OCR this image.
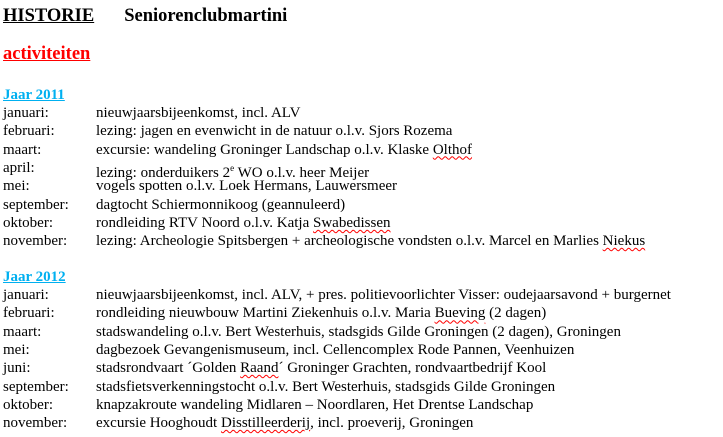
HISTORIE Seniorenclubmartini
activiteiten
Jaar 2011
januari:	nieuwjaarsbijeenkomst, incl. ALV
februari:	lezing: jagen en evenwicht in de natuur o.l.v. Sjors Rozema
maart:	excursie: wandeling Groninger Landschap o.l.v. Klaske Olthof
april:	lezing: onderduikers 2e WO o.l.v. heer Meijer
mei:	vogels spotten o.l.v. Loek Hermans, Lauwersmeer
september: dagtocht Schiermonnikoog (geannuleerd)
oktober:	rondleiding RTV Noord o.l.v. Katja Swabedissen
november: lezing: Archeologie Spitsbergen + archeologische vondsten o.l.v. Marcel en Marlies Niekus
Jaar 2012
januari:	nieuwjaarsbijeenkomst, incl. ALV, + pres. politievoorlichter Visser: oudejaarsavond + burgernet
februari:	rondleiding nieuwbouw Martini Ziekenhuis o.l.v. Maria Bueving (2 dagen)
maart:	stadswandeling o.l.v. Bert Westerhuis, stadsgids Gilde Groningen (2 dagen), Groningen
mei:	dagbezoek Gevangenismuseum, incl. Cellencomplex Rode Pannen, Veenhuizen
juni:	stadsrondvaart ´Golden Raand´ Groninger Grachten, rondvaartbedrijf Kool
september: stadsfietsverkenningstocht o.l.v. Bert Westerhuis, stadsgids Gilde Groningen
oktober:	knapzakroute wandeling Midlaren – Noordlaren, Het Drentse Landschap
november: excursie Hooghoudt Disstilleerderij, incl. proeverij, Groningen
